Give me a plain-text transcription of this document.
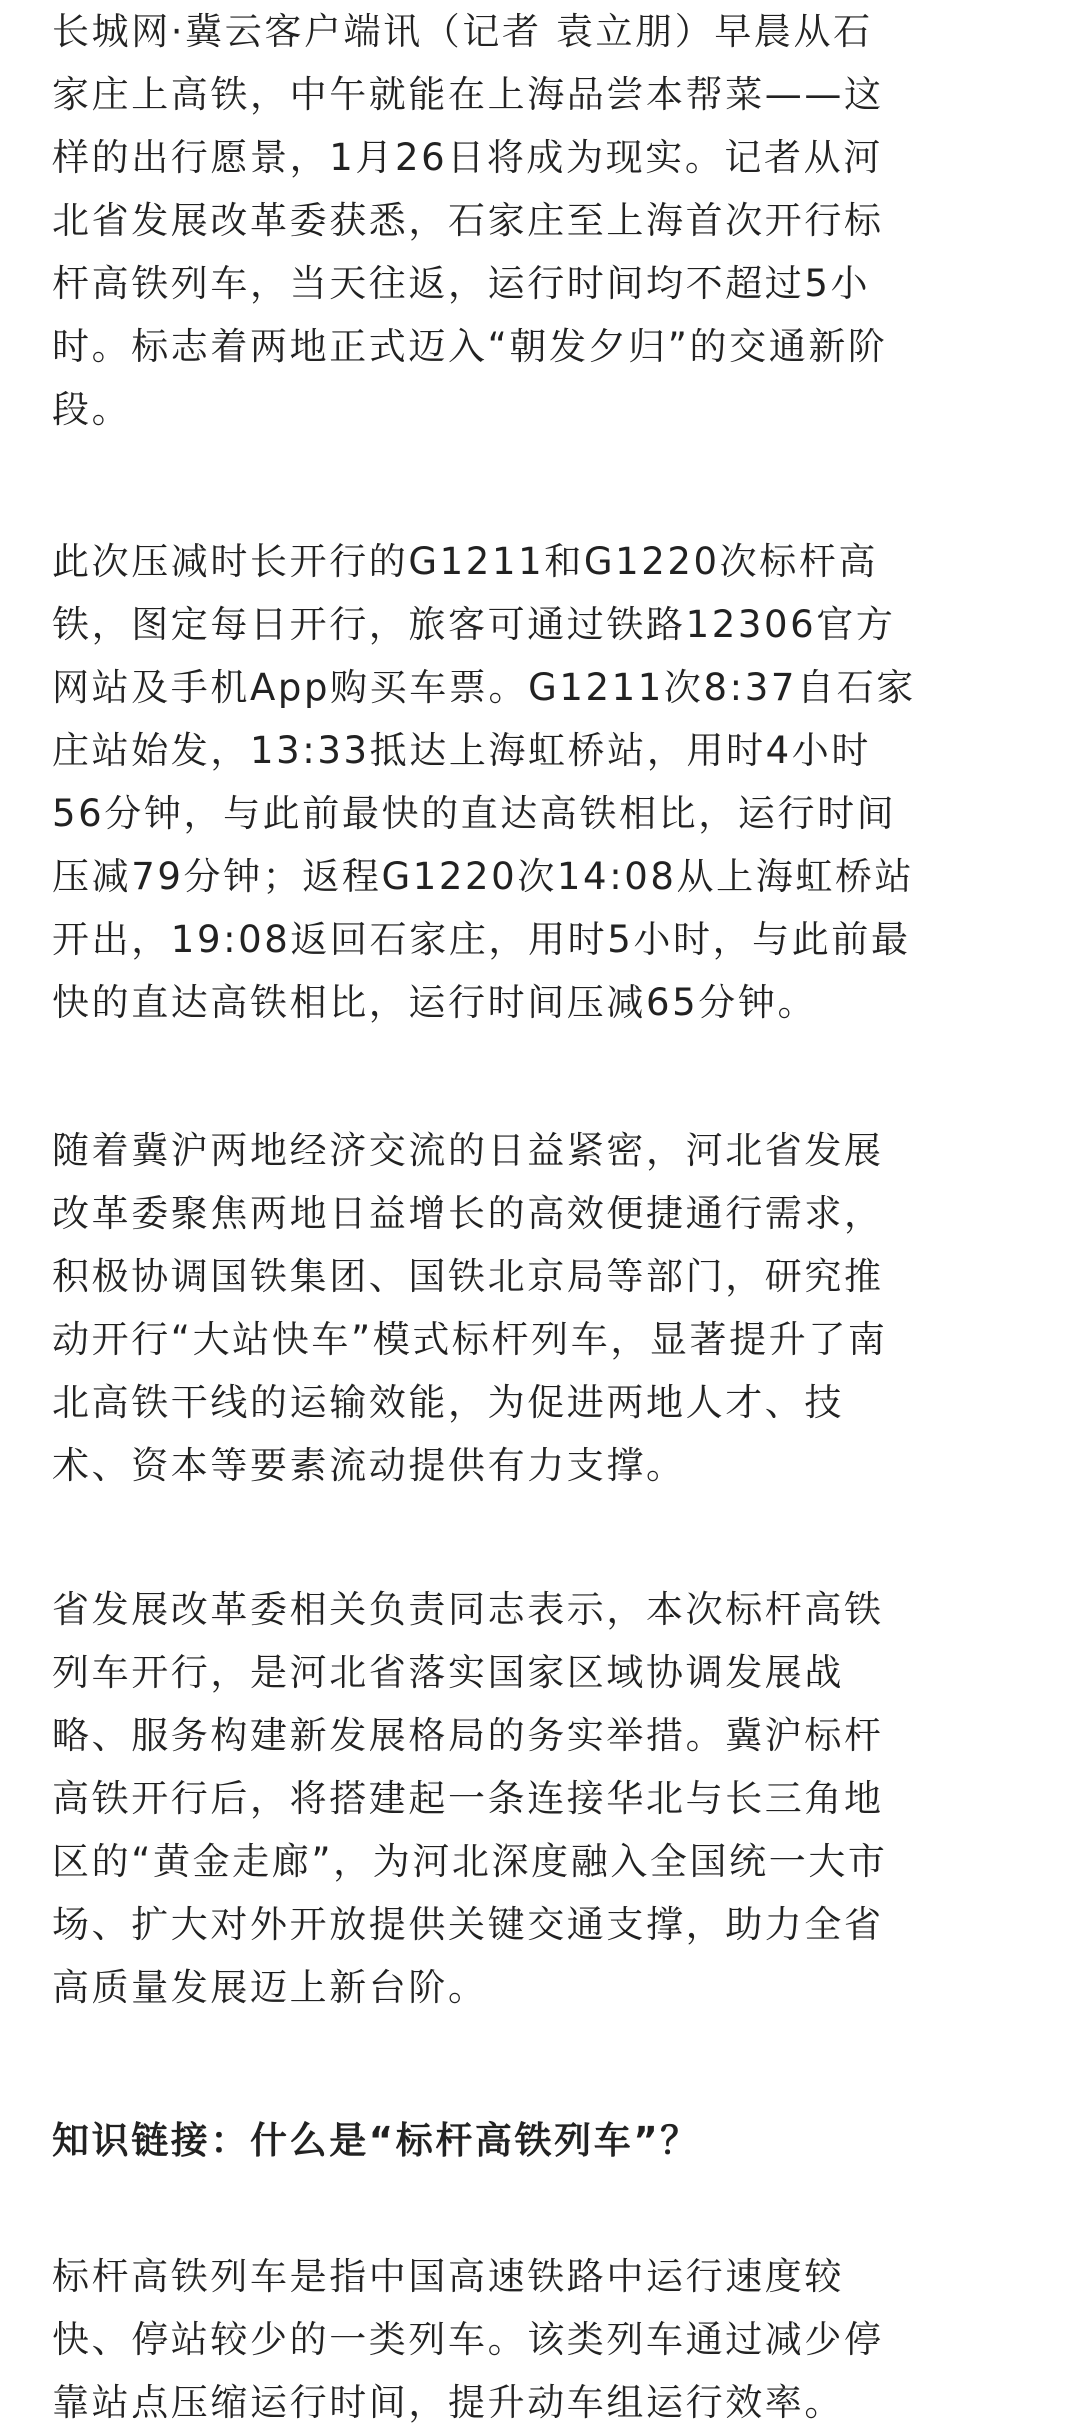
长城网·冀云客户端讯（记者 袁立朋）早晨从石
家庄上高铁，中午就能在上海品尝本帮菜——这
样的出行愿景，1月26日将成为现实。记者从河
北省发展改革委获悉，石家庄至上海首次开行标
杆高铁列车，当天往返，运行时间均不超过5小
时。标志着两地正式迈入“朝发夕归”的交通新阶
段。

此次压减时长开行的G1211和G1220次标杆高
铁，图定每日开行，旅客可通过铁路12306官方
网站及手机App购买车票。G1211次8:37自石家
庄站始发，13:33抵达上海虹桥站，用时4小时
56分钟，与此前最快的直达高铁相比，运行时间
压减79分钟；返程G1220次14:08从上海虹桥站
开出，19:08返回石家庄，用时5小时，与此前最
快的直达高铁相比，运行时间压减65分钟。

随着冀沪两地经济交流的日益紧密，河北省发展
改革委聚焦两地日益增长的高效便捷通行需求，
积极协调国铁集团、国铁北京局等部门，研究推
动开行“大站快车”模式标杆列车，显著提升了南
北高铁干线的运输效能，为促进两地人才、技
术、资本等要素流动提供有力支撑。

省发展改革委相关负责同志表示，本次标杆高铁
列车开行，是河北省落实国家区域协调发展战
略、服务构建新发展格局的务实举措。冀沪标杆
高铁开行后，将搭建起一条连接华北与长三角地
区的“黄金走廊”，为河北深度融入全国统一大市
场、扩大对外开放提供关键交通支撑，助力全省
高质量发展迈上新台阶。

知识链接：什么是“标杆高铁列车”？

标杆高铁列车是指中国高速铁路中运行速度较
快、停站较少的一类列车。该类列车通过减少停
靠站点压缩运行时间，提升动车组运行效率。
